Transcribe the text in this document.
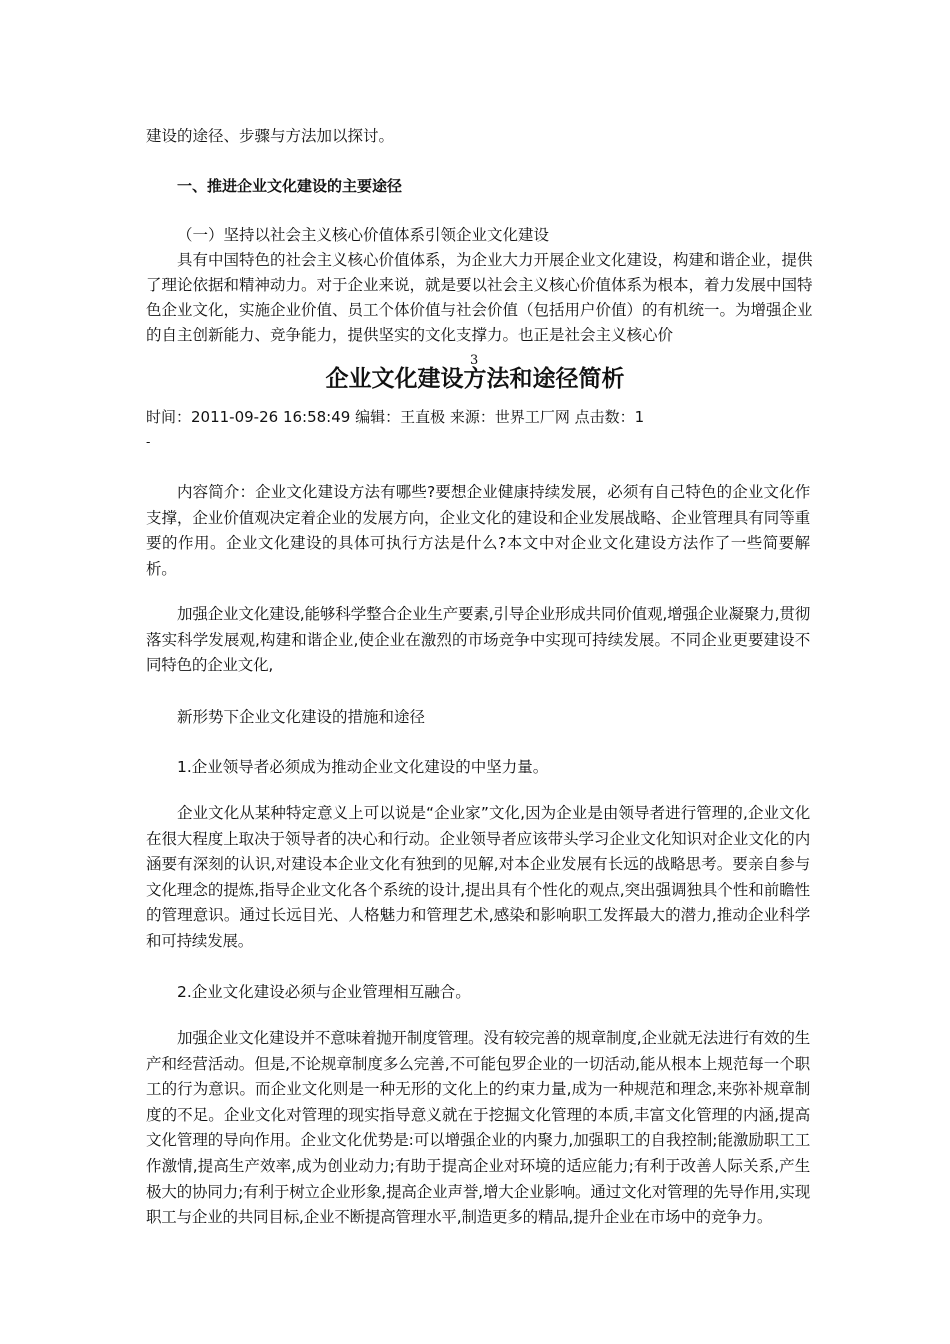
建设的途径、步骤与方法加以探讨。
一、推进企业文化建设的主要途径
（一）坚持以社会主义核心价值体系引领企业文化建设
具有中国特色的社会主义核心价值体系，为企业大力开展企业文化建设，构建和谐企业，提供了理论依据和精神动力。对于企业来说，就是要以社会主义核心价值体系为根本，着力发展中国特色企业文化，实施企业价值、员工个体价值与社会价值（包括用户价值）的有机统一。为增强企业的自主创新能力、竞争能力，提供坚实的文化支撑力。也正是社会主义核心价
3
企业文化建设方法和途径简析
时间：2011-09-26 16:58:49 编辑：王直极 来源：世界工厂网 点击数：1
-
内容简介：企业文化建设方法有哪些?要想企业健康持续发展，必须有自己特色的企业文化作支撑，企业价值观决定着企业的发展方向，企业文化的建设和企业发展战略、企业管理具有同等重要的作用。企业文化建设的具体可执行方法是什么?本文中对企业文化建设方法作了一些简要解析。
加强企业文化建设,能够科学整合企业生产要素,引导企业形成共同价值观,增强企业凝聚力,贯彻落实科学发展观,构建和谐企业,使企业在激烈的市场竞争中实现可持续发展。不同企业更要建设不同特色的企业文化,
新形势下企业文化建设的措施和途径
1.企业领导者必须成为推动企业文化建设的中坚力量。
企业文化从某种特定意义上可以说是“企业家”文化,因为企业是由领导者进行管理的,企业文化在很大程度上取决于领导者的决心和行动。企业领导者应该带头学习企业文化知识对企业文化的内涵要有深刻的认识,对建设本企业文化有独到的见解,对本企业发展有长远的战略思考。要亲自参与文化理念的提炼,指导企业文化各个系统的设计,提出具有个性化的观点,突出强调独具个性和前瞻性的管理意识。通过长远目光、人格魅力和管理艺术,感染和影响职工发挥最大的潜力,推动企业科学和可持续发展。
2.企业文化建设必须与企业管理相互融合。
加强企业文化建设并不意味着抛开制度管理。没有较完善的规章制度,企业就无法进行有效的生产和经营活动。但是,不论规章制度多么完善,不可能包罗企业的一切活动,能从根本上规范每一个职工的行为意识。而企业文化则是一种无形的文化上的约束力量,成为一种规范和理念,来弥补规章制度的不足。企业文化对管理的现实指导意义就在于挖掘文化管理的本质,丰富文化管理的内涵,提高文化管理的导向作用。企业文化优势是:可以增强企业的内聚力,加强职工的自我控制;能激励职工工作激情,提高生产效率,成为创业动力;有助于提高企业对环境的适应能力;有利于改善人际关系,产生极大的协同力;有利于树立企业形象,提高企业声誉,增大企业影响。通过文化对管理的先导作用,实现职工与企业的共同目标,企业不断提高管理水平,制造更多的精品,提升企业在市场中的竞争力。
